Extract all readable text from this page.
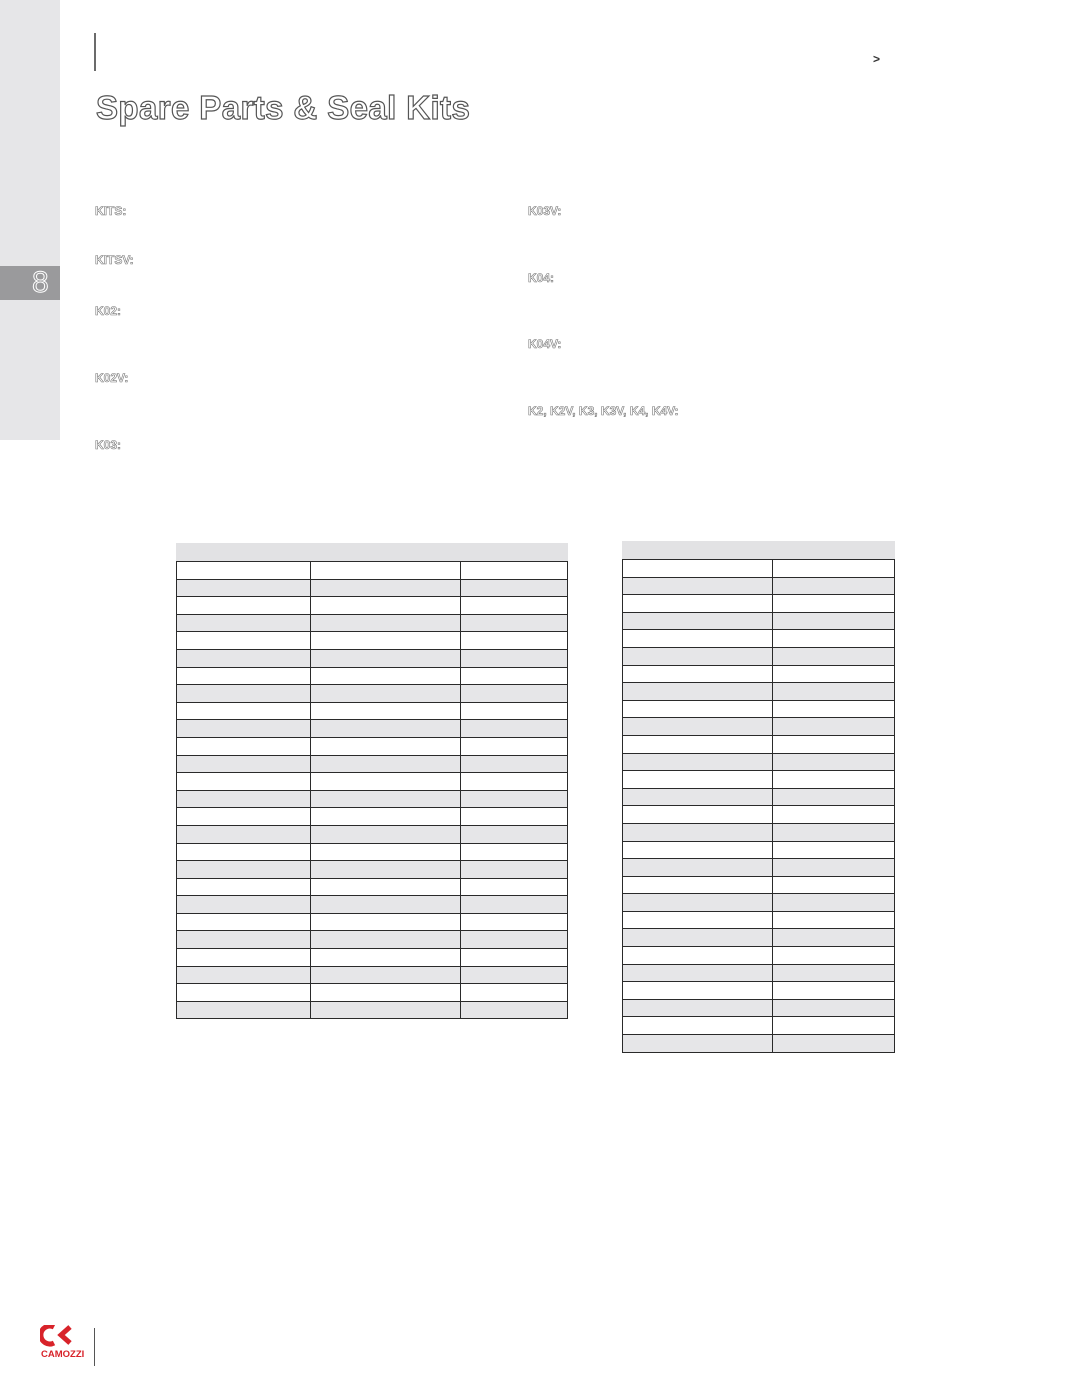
8
>
Spare Parts & Seal Kits
KITS:
KITSV:
K02:
K02V:
K03:
K03V:
K04:
K04V:
K2, K2V, K3, K3V, K4, K4V:

CAMOZZI
